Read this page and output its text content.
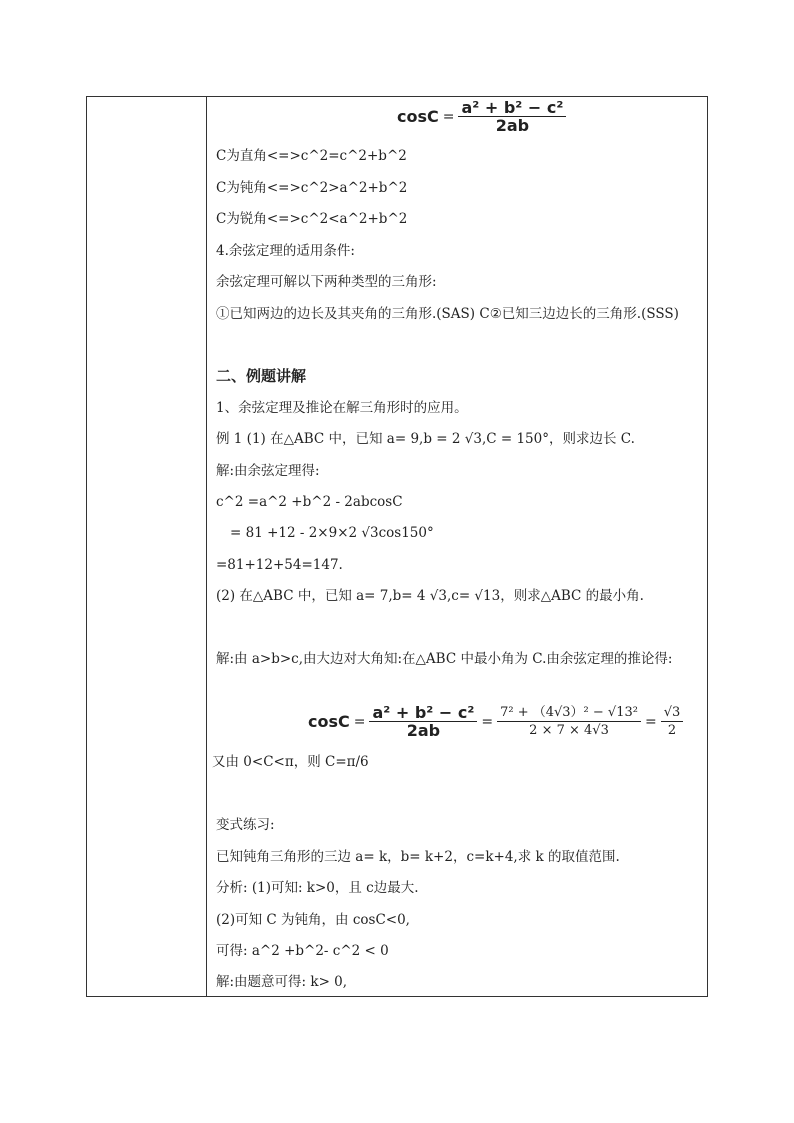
$\cos C = \frac{\text{a² + b² − c²}}{2ab}$
C为直角<=>c^2=c^2+b^2
C为钝角<=>c^2>a^2+b^2
C为锐角<=>c^2<a^2+b^2
4.余弦定理的适用条件:
余弦定理可解以下两种类型的三角形:
①已知两边的边长及其夹角的三角形.(SAS) C②已知三边边长的三角形.(SSS)
二、例题讲解
1、余弦定理及推论在解三角形时的应用。
例 1 (1) 在△ABC 中，已知 a= 9,b = 2 √3,C = 150°，则求边长 C.
解:由余弦定理得:
c^2 =a^2 +b^2 - 2abcosC
= 81 +12 - 2×9×2 √3cos150°
=81+12+54=147.
(2) 在△ABC 中，已知 a= 7,b= 4 √3,c= √13，则求△ABC 的最小角.
解:由 a>b>c,由大边对大角知:在△ABC 中最小角为 C.由余弦定理的推论得:
$\cos C = \frac{\text{a² + b² − c²}}{2ab} = \frac{\text{7² + （4√3）² − √13²}}{2 \times 7 \times 4√3} = \frac{√3}{2}$
又由 0<C<π，则 C=π/6
变式练习:
已知钝角三角形的三边 a= k，b= k+2，c=k+4,求 k 的取值范围.
分析: (1)可知: k>0，且 c边最大.
(2)可知 C 为钝角，由 cosC<0,
可得: a^2 +b^2- c^2 < 0
解:由题意可得: k> 0,
